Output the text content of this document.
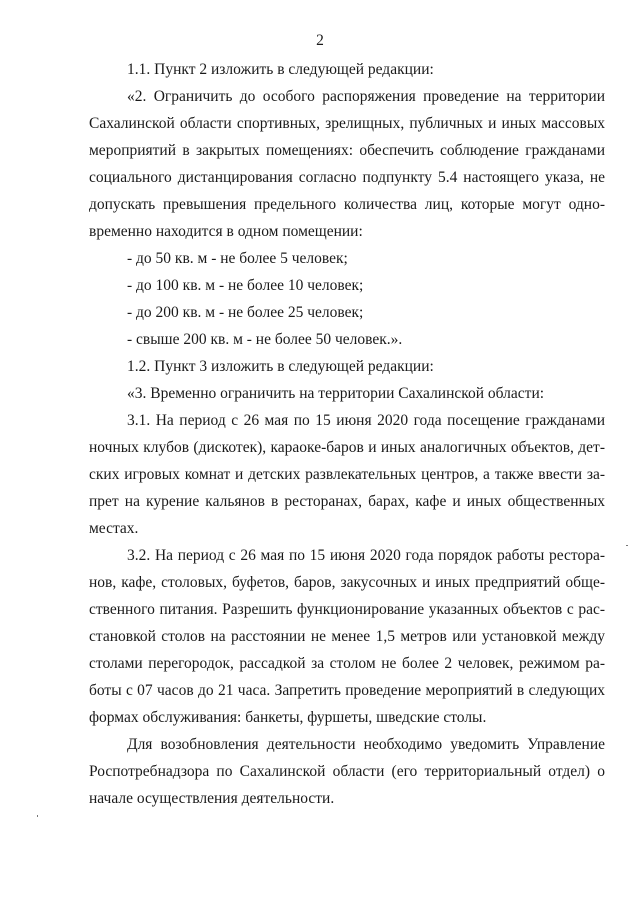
2
1.1. Пункт 2 изложить в следующей редакции:
«2. Ограничить до особого распоряжения проведение на территории
Сахалинской области спортивных, зрелищных, публичных и иных массовых
мероприятий в закрытых помещениях: обеспечить соблюдение гражданами
социального дистанцирования согласно подпункту 5.4 настоящего указа, не
допускать превышения предельного количества лиц, которые могут одно-
временно находится в одном помещении:
- до 50 кв. м - не более 5 человек;
- до 100 кв. м - не более 10 человек;
- до 200 кв. м - не более 25 человек;
- свыше 200 кв. м - не более 50 человек.».
1.2. Пункт 3 изложить в следующей редакции:
«3. Временно ограничить на территории Сахалинской области:
3.1. На период с 26 мая по 15 июня 2020 года посещение гражданами
ночных клубов (дискотек), караоке-баров и иных аналогичных объектов, дет-
ских игровых комнат и детских развлекательных центров, а также ввести за-
прет на курение кальянов в ресторанах, барах, кафе и иных общественных
местах.
3.2. На период с 26 мая по 15 июня 2020 года порядок работы рестора-
нов, кафе, столовых, буфетов, баров, закусочных и иных предприятий обще-
ственного питания. Разрешить функционирование указанных объектов с рас-
становкой столов на расстоянии не менее 1,5 метров или установкой между
столами перегородок, рассадкой за столом не более 2 человек, режимом ра-
боты с 07 часов до 21 часа. Запретить проведение мероприятий в следующих
формах обслуживания: банкеты, фуршеты, шведские столы.
Для возобновления деятельности необходимо уведомить Управление
Роспотребнадзора по Сахалинской области (его территориальный отдел) о
начале осуществления деятельности.
